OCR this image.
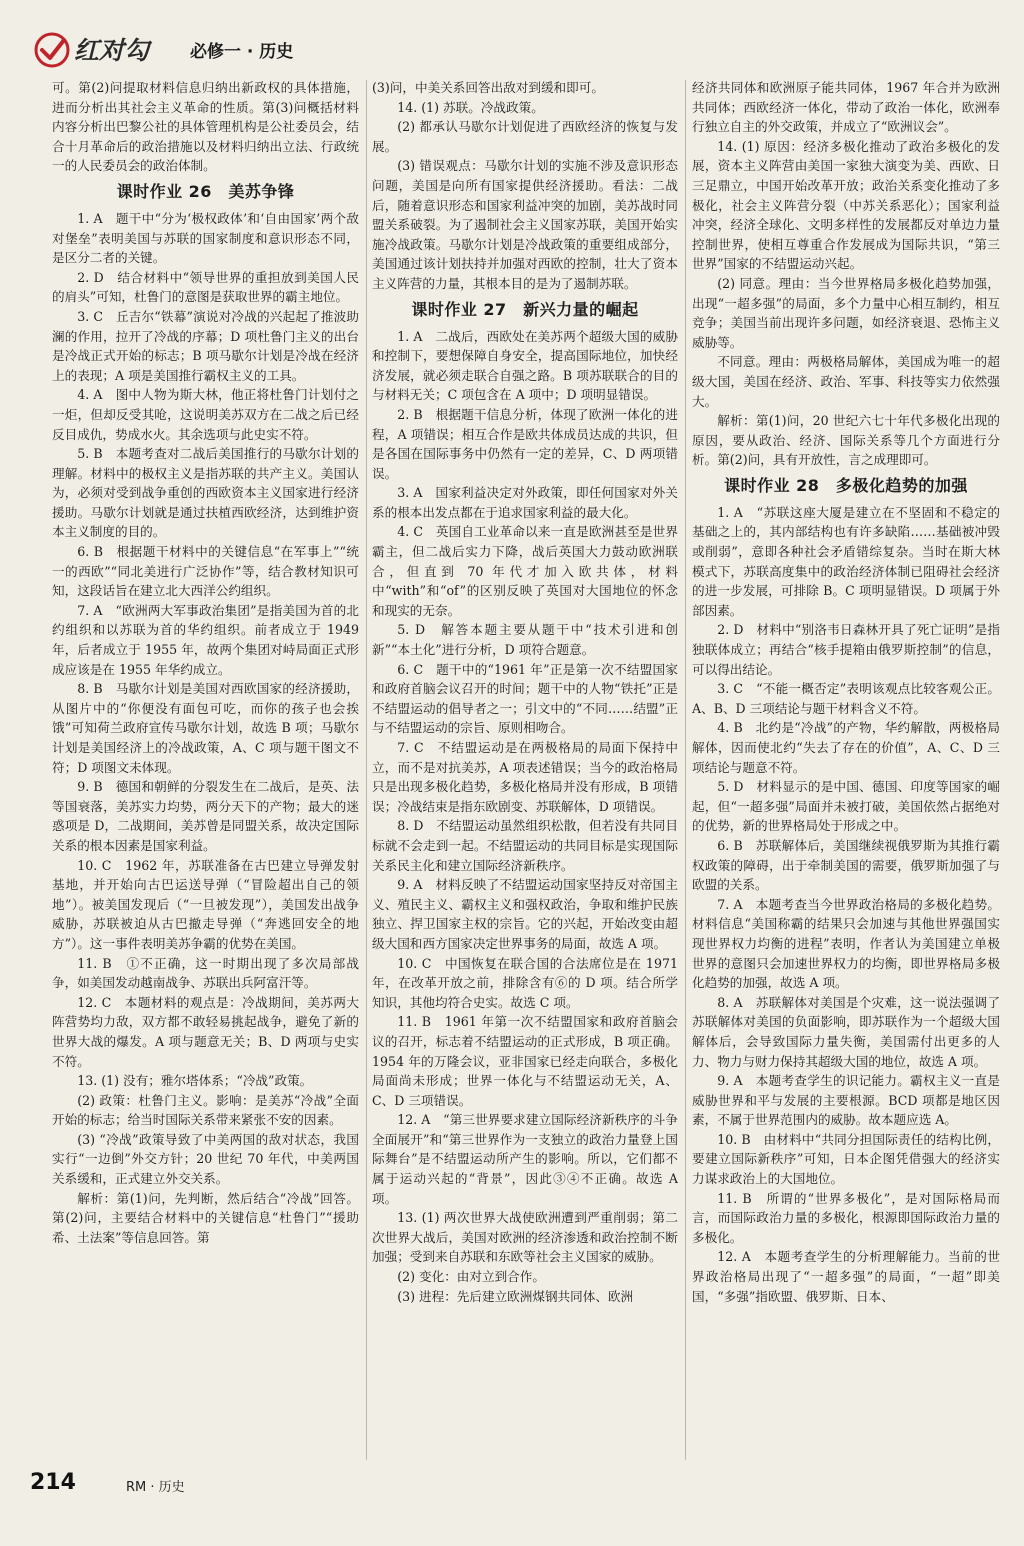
红对勾 必修一 · 历史

可。第(2)问提取材料信息归纳出新政权的具体措施，进而分析出其社会主义革命的性质。第(3)问概括材料内容分析出巴黎公社的具体管理机构是公社委员会，结合十月革命后的政治措施以及材料归纳出立法、行政统一的人民委员会的政治体制。

课时作业 26　美苏争锋

1. A　题干中“分为‘极权政体’和‘自由国家’两个敌对堡垒”表明美国与苏联的国家制度和意识形态不同，是区分二者的关键。

2. D　结合材料中“领导世界的重担放到美国人民的肩头”可知，杜鲁门的意图是获取世界的霸主地位。

3. C　丘吉尔“铁幕”演说对冷战的兴起起了推波助澜的作用，拉开了冷战的序幕；D 项杜鲁门主义的出台是冷战正式开始的标志；B 项马歇尔计划是冷战在经济上的表现；A 项是美国推行霸权主义的工具。

4. A　图中人物为斯大林，他正将杜鲁门计划付之一炬，但却反受其呛，这说明美苏双方在二战之后已经反目成仇，势成水火。其余选项与此史实不符。

5. B　本题考查对二战后美国推行的马歇尔计划的理解。材料中的极权主义是指苏联的共产主义。美国认为，必须对受到战争重创的西欧资本主义国家进行经济援助。马歇尔计划就是通过扶植西欧经济，达到维护资本主义制度的目的。

6. B　根据题干材料中的关键信息“在军事上”“统一的西欧”“同北美进行广泛协作”等，结合教材知识可知，这段话旨在建立北大西洋公约组织。

7. A　“欧洲两大军事政治集团”是指美国为首的北约组织和以苏联为首的华约组织。前者成立于 1949 年，后者成立于 1955 年，故两个集团对峙局面正式形成应该是在 1955 年华约成立。

8. B　马歇尔计划是美国对西欧国家的经济援助，从图片中的“你便没有面包可吃，而你的孩子也会挨饿”可知荷兰政府宣传马歇尔计划，故选 B 项；马歇尔计划是美国经济上的冷战政策，A、C 项与题干图文不符；D 项图文未体现。

9. B　德国和朝鲜的分裂发生在二战后，是英、法等国衰落，美苏实力均势，两分天下的产物；最大的迷惑项是 D，二战期间，美苏曾是同盟关系，故决定国际关系的根本因素是国家利益。

10. C　1962 年，苏联准备在古巴建立导弹发射基地，并开始向古巴运送导弹（“冒险超出自己的领地”）。被美国发现后（“一旦被发现”），美国发出战争威胁，苏联被迫从古巴撤走导弹（“奔逃回安全的地方”）。这一事件表明美苏争霸的优势在美国。

11. B　①不正确，这一时期出现了多次局部战争，如美国发动越南战争、苏联出兵阿富汗等。

12. C　本题材料的观点是：冷战期间，美苏两大阵营势均力敌，双方都不敢轻易挑起战争，避免了新的世界大战的爆发。A 项与题意无关；B、D 两项与史实不符。

13. (1) 没有；雅尔塔体系；“冷战”政策。

(2) 政策：杜鲁门主义。影响：是美苏“冷战”全面开始的标志；给当时国际关系带来紧张不安的因素。

(3) “冷战”政策导致了中美两国的敌对状态，我国实行“一边倒”外交方针；20 世纪 70 年代，中美两国关系缓和，正式建立外交关系。

解析：第(1)问，先判断，然后结合“冷战”回答。第(2)问，主要结合材料中的关键信息“杜鲁门”“援助希、土法案”等信息回答。第

(3)问，中美关系回答出敌对到缓和即可。

14. (1) 苏联。冷战政策。

(2) 都承认马歇尔计划促进了西欧经济的恢复与发展。

(3) 错误观点：马歇尔计划的实施不涉及意识形态问题，美国是向所有国家提供经济援助。看法：二战后，随着意识形态和国家利益冲突的加剧，美苏战时同盟关系破裂。为了遏制社会主义国家苏联，美国开始实施冷战政策。马歇尔计划是冷战政策的重要组成部分，美国通过该计划扶持并加强对西欧的控制，壮大了资本主义阵营的力量，其根本目的是为了遏制苏联。

课时作业 27　新兴力量的崛起

1. A　二战后，西欧处在美苏两个超级大国的威胁和控制下，要想保障自身安全，提高国际地位，加快经济发展，就必须走联合自强之路。B 项苏联联合的目的与材料无关；C 项包含在 A 项中；D 项明显错误。

2. B　根据题干信息分析，体现了欧洲一体化的进程，A 项错误；相互合作是欧共体成员达成的共识，但是各国在国际事务中仍然有一定的差异，C、D 两项错误。

3. A　国家利益决定对外政策，即任何国家对外关系的根本出发点都在于追求国家利益的最大化。

4. C　英国自工业革命以来一直是欧洲甚至是世界霸主，但二战后实力下降，战后英国大力鼓动欧洲联合，但直到 70 年代才加入欧共体，材料中“with”和“of”的区别反映了英国对大国地位的怀念和现实的无奈。

5. D　解答本题主要从题干中“技术引进和创新”“本土化”进行分析，D 项符合题意。

6. C　题干中的“1961 年”正是第一次不结盟国家和政府首脑会议召开的时间；题干中的人物“铁托”正是不结盟运动的倡导者之一；引文中的“不同……结盟”正与不结盟运动的宗旨、原则相吻合。

7. C　不结盟运动是在两极格局的局面下保持中立，而不是对抗美苏，A 项表述错误；当今的政治格局只是出现多极化趋势，多极化格局并没有形成，B 项错误；冷战结束是指东欧剧变、苏联解体，D 项错误。

8. D　不结盟运动虽然组织松散，但若没有共同目标就不会走到一起。不结盟运动的共同目标是实现国际关系民主化和建立国际经济新秩序。

9. A　材料反映了不结盟运动国家坚持反对帝国主义、殖民主义、霸权主义和强权政治，争取和维护民族独立、捍卫国家主权的宗旨。它的兴起，开始改变由超级大国和西方国家决定世界事务的局面，故选 A 项。

10. C　中国恢复在联合国的合法席位是在 1971 年，在改革开放之前，排除含有⑥的 D 项。结合所学知识，其他均符合史实。故选 C 项。

11. B　1961 年第一次不结盟国家和政府首脑会议的召开，标志着不结盟运动的正式形成，B 项正确。1954 年的万隆会议，亚非国家已经走向联合，多极化局面尚未形成；世界一体化与不结盟运动无关，A、C、D 三项错误。

12. A　“第三世界要求建立国际经济新秩序的斗争全面展开”和“第三世界作为一支独立的政治力量登上国际舞台”是不结盟运动所产生的影响。所以，它们都不属于运动兴起的“背景”，因此③④不正确。故选 A 项。

13. (1) 两次世界大战使欧洲遭到严重削弱；第二次世界大战后，美国对欧洲的经济渗透和政治控制不断加强；受到来自苏联和东欧等社会主义国家的威胁。

(2) 变化：由对立到合作。

(3) 进程：先后建立欧洲煤钢共同体、欧洲

经济共同体和欧洲原子能共同体，1967 年合并为欧洲共同体；西欧经济一体化，带动了政治一体化，欧洲奉行独立自主的外交政策，并成立了“欧洲议会”。

14. (1) 原因：经济多极化推动了政治多极化的发展，资本主义阵营由美国一家独大演变为美、西欧、日三足鼎立，中国开始改革开放；政治关系变化推动了多极化，社会主义阵营分裂（中苏关系恶化）；国家利益冲突，经济全球化、文明多样性的发展都反对单边力量控制世界，使相互尊重合作发展成为国际共识，“第三世界”国家的不结盟运动兴起。

(2) 同意。理由：当今世界格局多极化趋势加强，出现“一超多强”的局面，多个力量中心相互制约，相互竞争；美国当前出现许多问题，如经济衰退、恐怖主义威胁等。

不同意。理由：两极格局解体，美国成为唯一的超级大国，美国在经济、政治、军事、科技等实力依然强大。

解析：第(1)问，20 世纪六七十年代多极化出现的原因，要从政治、经济、国际关系等几个方面进行分析。第(2)问，具有开放性，言之成理即可。

课时作业 28　多极化趋势的加强

1. A　“苏联这座大厦是建立在不坚固和不稳定的基础之上的，其内部结构也有许多缺陷……基础被冲毁或削弱”，意即各种社会矛盾错综复杂。当时在斯大林模式下，苏联高度集中的政治经济体制已阻碍社会经济的进一步发展，可排除 B。C 项明显错误。D 项属于外部因素。

2. D　材料中“别洛韦日森林开具了死亡证明”是指独联体成立；再结合“核手提箱由俄罗斯控制”的信息，可以得出结论。

3. C　“不能一概否定”表明该观点比较客观公正。A、B、D 三项结论与题干材料含义不符。

4. B　北约是“冷战”的产物，华约解散，两极格局解体，因而使北约“失去了存在的价值”，A、C、D 三项结论与题意不符。

5. D　材料显示的是中国、德国、印度等国家的崛起，但“一超多强”局面并未被打破，美国依然占据绝对的优势，新的世界格局处于形成之中。

6. B　苏联解体后，美国继续视俄罗斯为其推行霸权政策的障碍，出于牵制美国的需要，俄罗斯加强了与欧盟的关系。

7. A　本题考查当今世界政治格局的多极化趋势。材料信息“美国称霸的结果只会加速与其他世界强国实现世界权力均衡的进程”表明，作者认为美国建立单极世界的意图只会加速世界权力的均衡，即世界格局多极化趋势的加强，故选 A 项。

8. A　苏联解体对美国是个灾难，这一说法强调了苏联解体对美国的负面影响，即苏联作为一个超级大国解体后，会导致国际力量失衡，美国需付出更多的人力、物力与财力保持其超级大国的地位，故选 A 项。

9. A　本题考查学生的识记能力。霸权主义一直是威胁世界和平与发展的主要根源。BCD 项都是地区因素，不属于世界范围内的威胁。故本题应选 A。

10. B　由材料中“共同分担国际责任的结构比例，要建立国际新秩序”可知，日本企图凭借强大的经济实力谋求政治上的大国地位。

11. B　所谓的“世界多极化”，是对国际格局而言，而国际政治力量的多极化，根源即国际政治力量的多极化。

12. A　本题考查学生的分析理解能力。当前的世界政治格局出现了“一超多强”的局面，“一超”即美国，“多强”指欧盟、俄罗斯、日本、

214	RM · 历史
